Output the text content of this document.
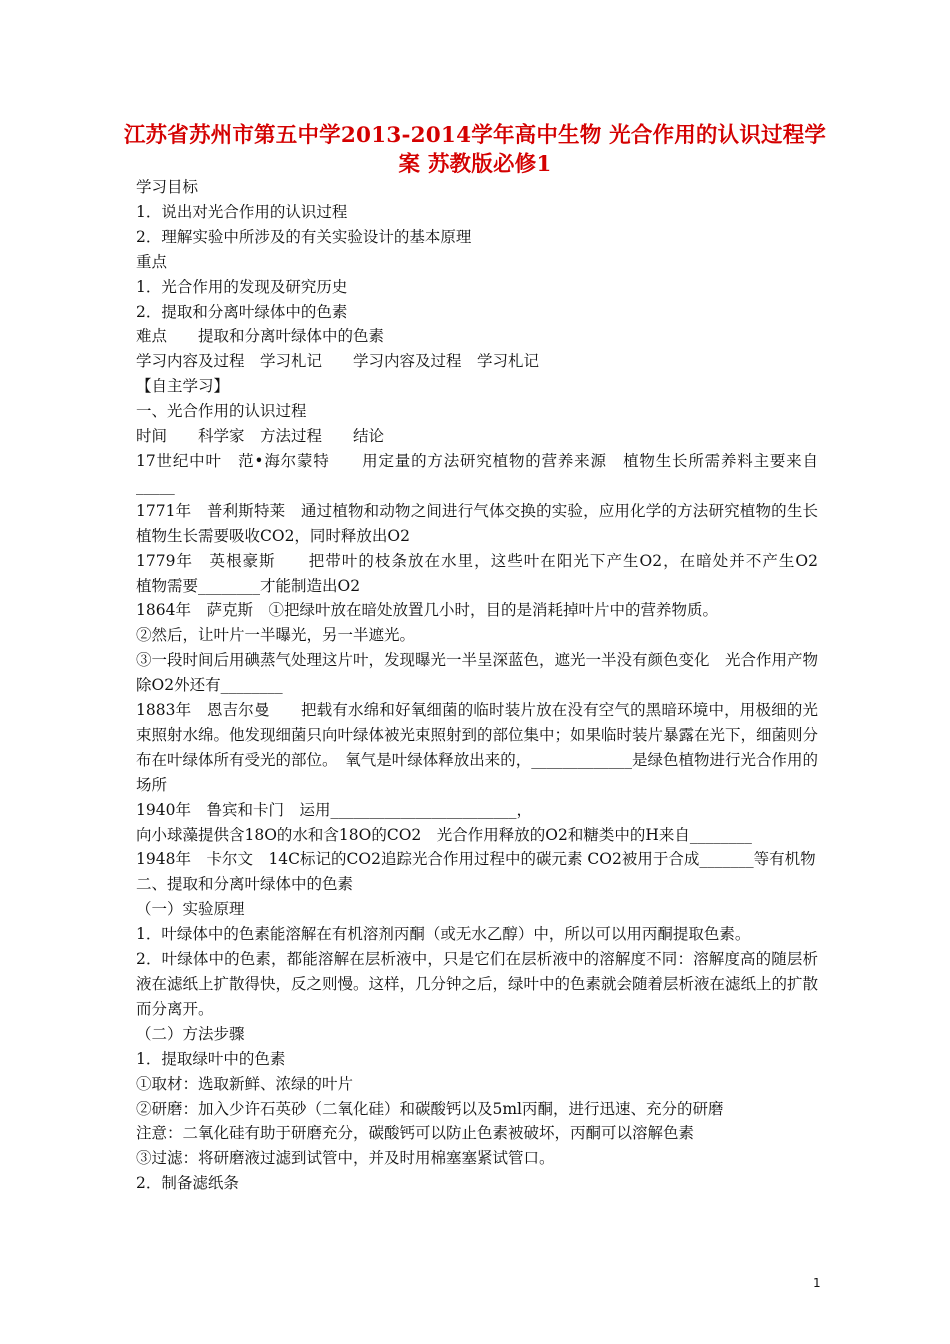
江苏省苏州市第五中学2013-2014学年高中生物 光合作用的认识过程学案 苏教版必修1

学习目标

1．说出对光合作用的认识过程

2．理解实验中所涉及的有关实验设计的基本原理

重点

1．光合作用的发现及研究历史

2．提取和分离叶绿体中的色素

难点　　提取和分离叶绿体中的色素

学习内容及过程　学习札记　　学习内容及过程　学习札记

【自主学习】

一、光合作用的认识过程

时间　　科学家　方法过程　　结论

17世纪中叶　范•海尔蒙特　　用定量的方法研究植物的营养来源　植物生长所需养料主要来自_____

1771年　普利斯特莱　通过植物和动物之间进行气体交换的实验，应用化学的方法研究植物的生长　植物生长需要吸收CO2，同时释放出O2

1779年　英根豪斯　　把带叶的枝条放在水里，这些叶在阳光下产生O2，在暗处并不产生O2　　植物需要________才能制造出O2

1864年　萨克斯　①把绿叶放在暗处放置几小时，目的是消耗掉叶片中的营养物质。

②然后，让叶片一半曝光，另一半遮光。

③一段时间后用碘蒸气处理这片叶，发现曝光一半呈深蓝色，遮光一半没有颜色变化　光合作用产物除O2外还有________

1883年　恩吉尔曼　　把载有水绵和好氧细菌的临时装片放在没有空气的黑暗环境中，用极细的光束照射水绵。他发现细菌只向叶绿体被光束照射到的部位集中；如果临时装片暴露在光下，细菌则分布在叶绿体所有受光的部位。　氧气是叶绿体释放出来的，_____________是绿色植物进行光合作用的场所

1940年　鲁宾和卡门　运用________________________，

向小球藻提供含18O的水和含18O的CO2　光合作用释放的O2和糖类中的H来自________

1948年　卡尔文　14C标记的CO2追踪光合作用过程中的碳元素 CO2被用于合成_______等有机物

二、提取和分离叶绿体中的色素

（一）实验原理

1．叶绿体中的色素能溶解在有机溶剂丙酮（或无水乙醇）中，所以可以用丙酮提取色素。

2．叶绿体中的色素，都能溶解在层析液中，只是它们在层析液中的溶解度不同：溶解度高的随层析液在滤纸上扩散得快，反之则慢。这样，几分钟之后，绿叶中的色素就会随着层析液在滤纸上的扩散而分离开。

（二）方法步骤

1．提取绿叶中的色素

①取材：选取新鲜、浓绿的叶片

②研磨：加入少许石英砂（二氧化硅）和碳酸钙以及5ml丙酮，进行迅速、充分的研磨

注意：二氧化硅有助于研磨充分，碳酸钙可以防止色素被破坏，丙酮可以溶解色素

③过滤：将研磨液过滤到试管中，并及时用棉塞塞紧试管口。

2．制备滤纸条

1
